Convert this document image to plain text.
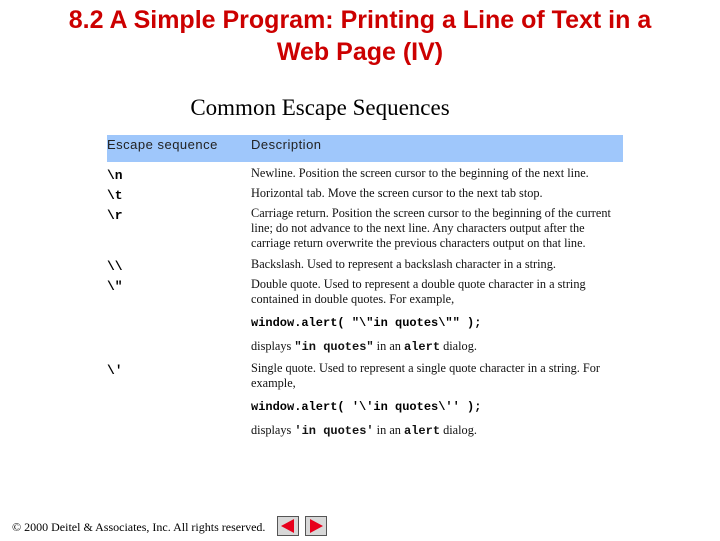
8.2 A Simple Program: Printing a Line of Text in a
Web Page (IV)
Common Escape Sequences
Escape sequence	Description
\n	Newline. Position the screen cursor to the beginning of the next line.
\t	Horizontal tab. Move the screen cursor to the next tab stop.
\r	Carriage return. Position the screen cursor to the beginning of the current line; do not advance to the next line. Any characters output after the carriage return overwrite the previous characters output on that line.
\\	Backslash. Used to represent a backslash character in a string.
\"	Double quote. Used to represent a double quote character in a string contained in double quotes. For example,
window.alert( "\"in quotes\"" );
displays "in quotes" in an alert dialog.
\'	Single quote. Used to represent a single quote character in a string. For example,
window.alert( '\'in quotes\'' );
displays 'in quotes' in an alert dialog.
© 2000 Deitel & Associates, Inc. All rights reserved.
